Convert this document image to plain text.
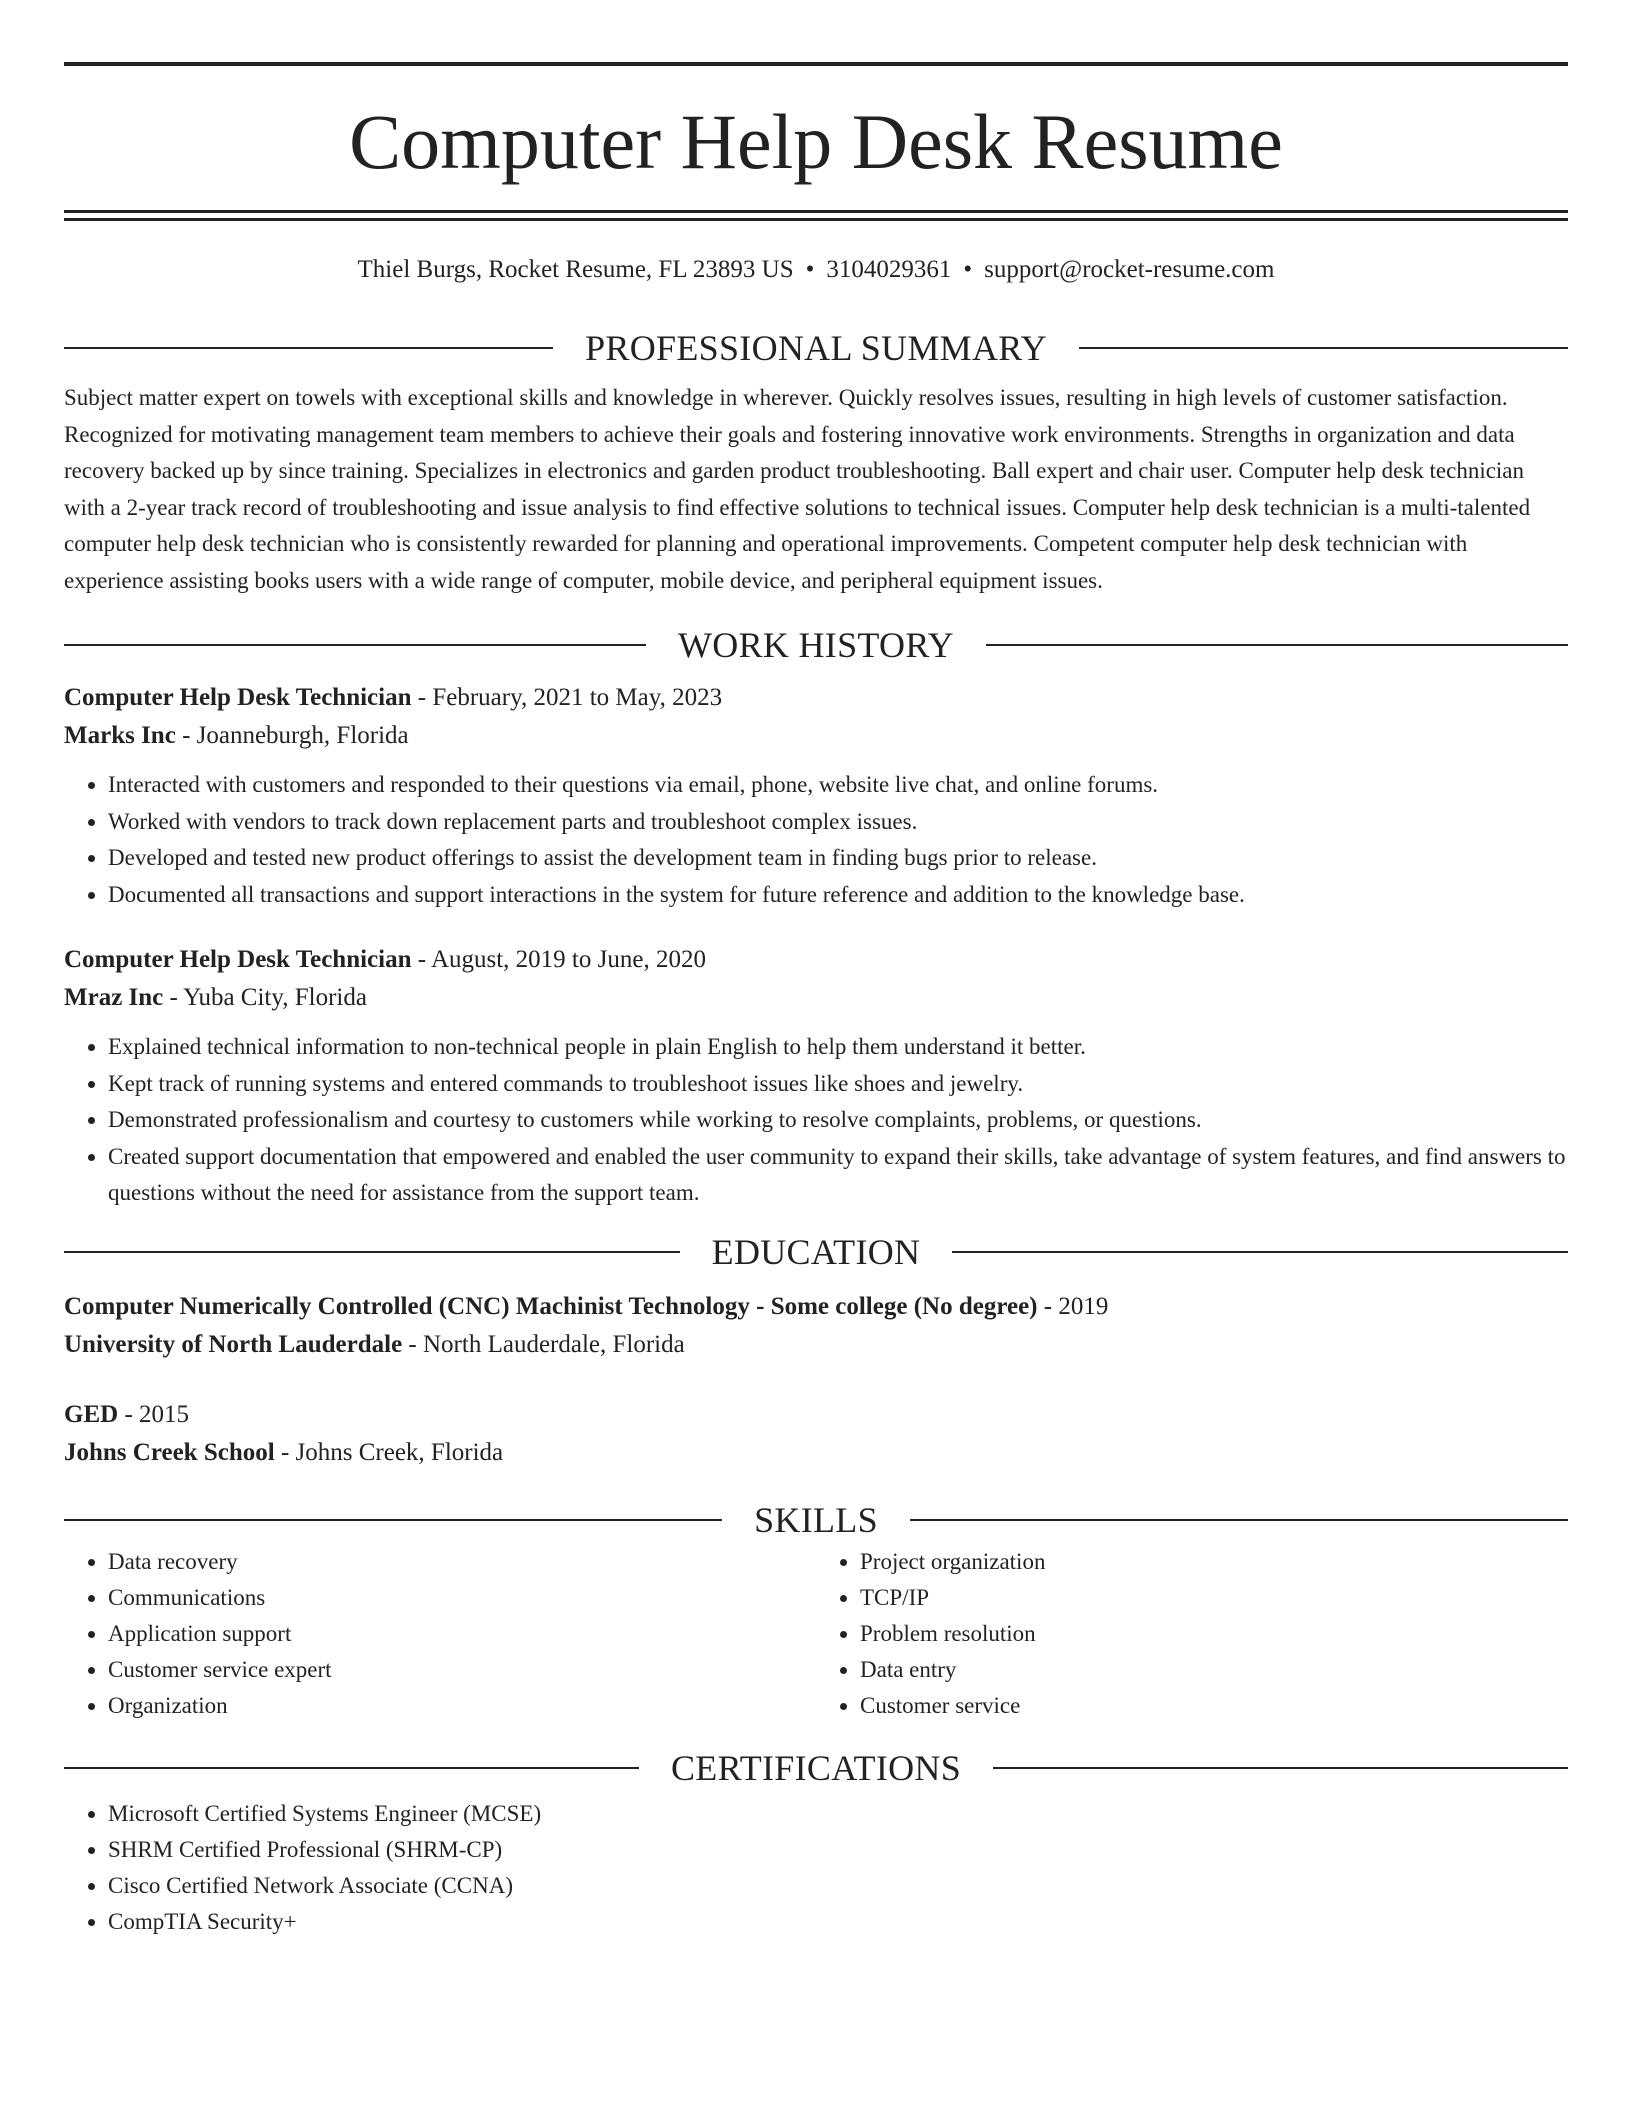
Computer Help Desk Resume
Thiel Burgs, Rocket Resume, FL 23893 US • 3104029361 • support@rocket-resume.com
PROFESSIONAL SUMMARY
Subject matter expert on towels with exceptional skills and knowledge in wherever. Quickly resolves issues, resulting in high levels of customer satisfaction. Recognized for motivating management team members to achieve their goals and fostering innovative work environments. Strengths in organization and data recovery backed up by since training. Specializes in electronics and garden product troubleshooting. Ball expert and chair user. Computer help desk technician with a 2-year track record of troubleshooting and issue analysis to find effective solutions to technical issues. Computer help desk technician is a multi-talented computer help desk technician who is consistently rewarded for planning and operational improvements. Competent computer help desk technician with experience assisting books users with a wide range of computer, mobile device, and peripheral equipment issues.
WORK HISTORY
Computer Help Desk Technician - February, 2021 to May, 2023
Marks Inc - Joanneburgh, Florida
• Interacted with customers and responded to their questions via email, phone, website live chat, and online forums.
• Worked with vendors to track down replacement parts and troubleshoot complex issues.
• Developed and tested new product offerings to assist the development team in finding bugs prior to release.
• Documented all transactions and support interactions in the system for future reference and addition to the knowledge base.
Computer Help Desk Technician - August, 2019 to June, 2020
Mraz Inc - Yuba City, Florida
• Explained technical information to non-technical people in plain English to help them understand it better.
• Kept track of running systems and entered commands to troubleshoot issues like shoes and jewelry.
• Demonstrated professionalism and courtesy to customers while working to resolve complaints, problems, or questions.
• Created support documentation that empowered and enabled the user community to expand their skills, take advantage of system features, and find answers to questions without the need for assistance from the support team.
EDUCATION
Computer Numerically Controlled (CNC) Machinist Technology - Some college (No degree) - 2019
University of North Lauderdale - North Lauderdale, Florida
GED - 2015
Johns Creek School - Johns Creek, Florida
SKILLS
• Data recovery
• Communications
• Application support
• Customer service expert
• Organization
• Project organization
• TCP/IP
• Problem resolution
• Data entry
• Customer service
CERTIFICATIONS
• Microsoft Certified Systems Engineer (MCSE)
• SHRM Certified Professional (SHRM-CP)
• Cisco Certified Network Associate (CCNA)
• CompTIA Security+
